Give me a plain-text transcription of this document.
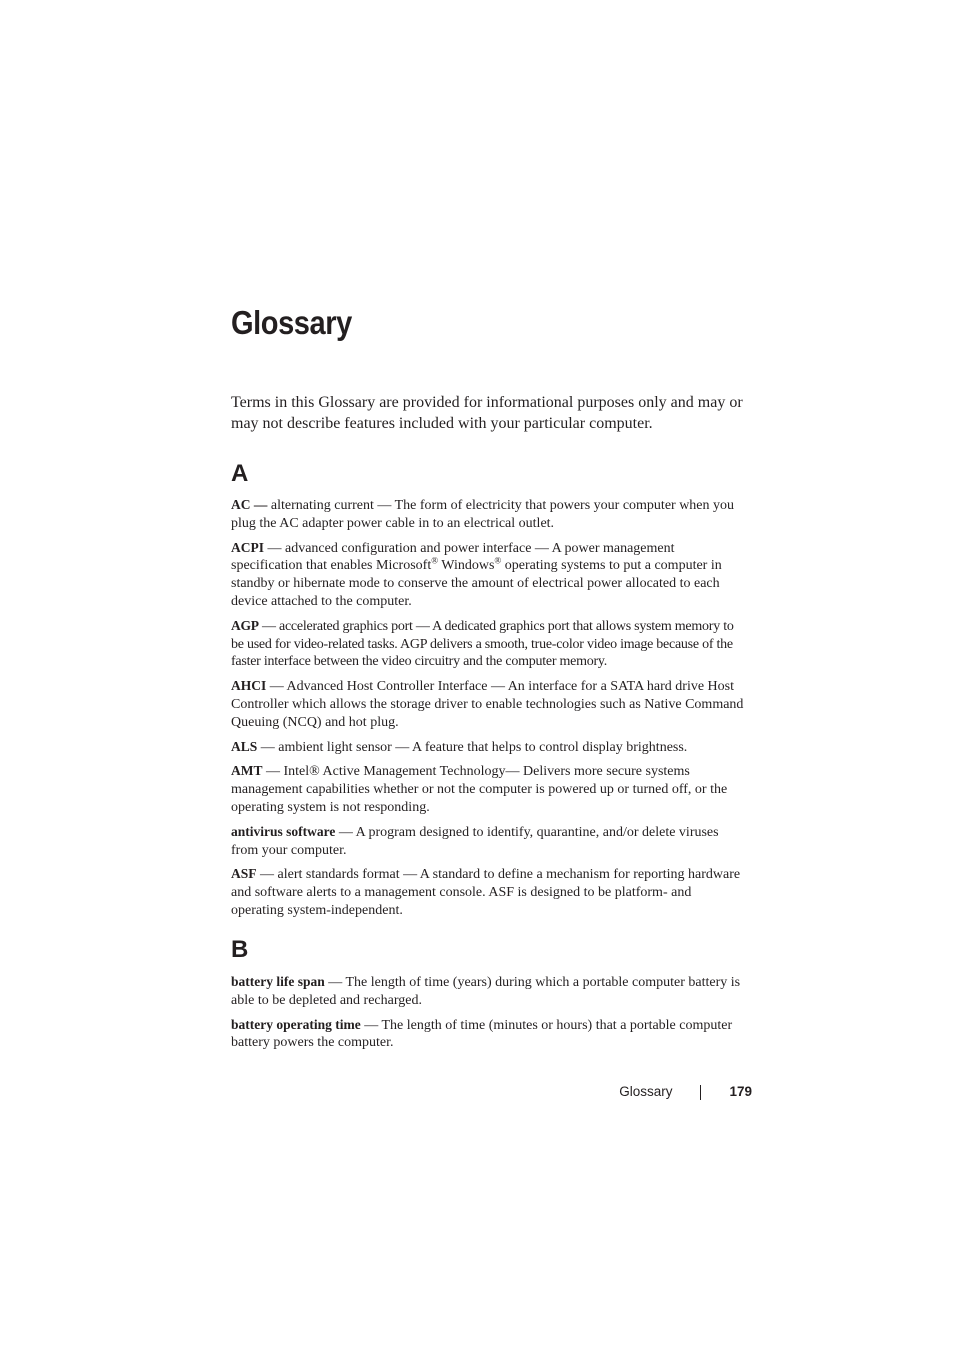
Glossary

Terms in this Glossary are provided for informational purposes only and may or may not describe features included with your particular computer.

A

AC — alternating current — The form of electricity that powers your computer when you plug the AC adapter power cable in to an electrical outlet.

ACPI — advanced configuration and power interface — A power management specification that enables Microsoft® Windows® operating systems to put a computer in standby or hibernate mode to conserve the amount of electrical power allocated to each device attached to the computer.

AGP — accelerated graphics port — A dedicated graphics port that allows system memory to be used for video-related tasks. AGP delivers a smooth, true-color video image because of the faster interface between the video circuitry and the computer memory.

AHCI — Advanced Host Controller Interface — An interface for a SATA hard drive Host Controller which allows the storage driver to enable technologies such as Native Command Queuing (NCQ) and hot plug.

ALS — ambient light sensor — A feature that helps to control display brightness.

AMT — Intel® Active Management Technology— Delivers more secure systems management capabilities whether or not the computer is powered up or turned off, or the operating system is not responding.

antivirus software — A program designed to identify, quarantine, and/or delete viruses from your computer.

ASF — alert standards format — A standard to define a mechanism for reporting hardware and software alerts to a management console. ASF is designed to be platform- and operating system-independent.

B

battery life span — The length of time (years) during which a portable computer battery is able to be depleted and recharged.

battery operating time — The length of time (minutes or hours) that a portable computer battery powers the computer.

Glossary	179
